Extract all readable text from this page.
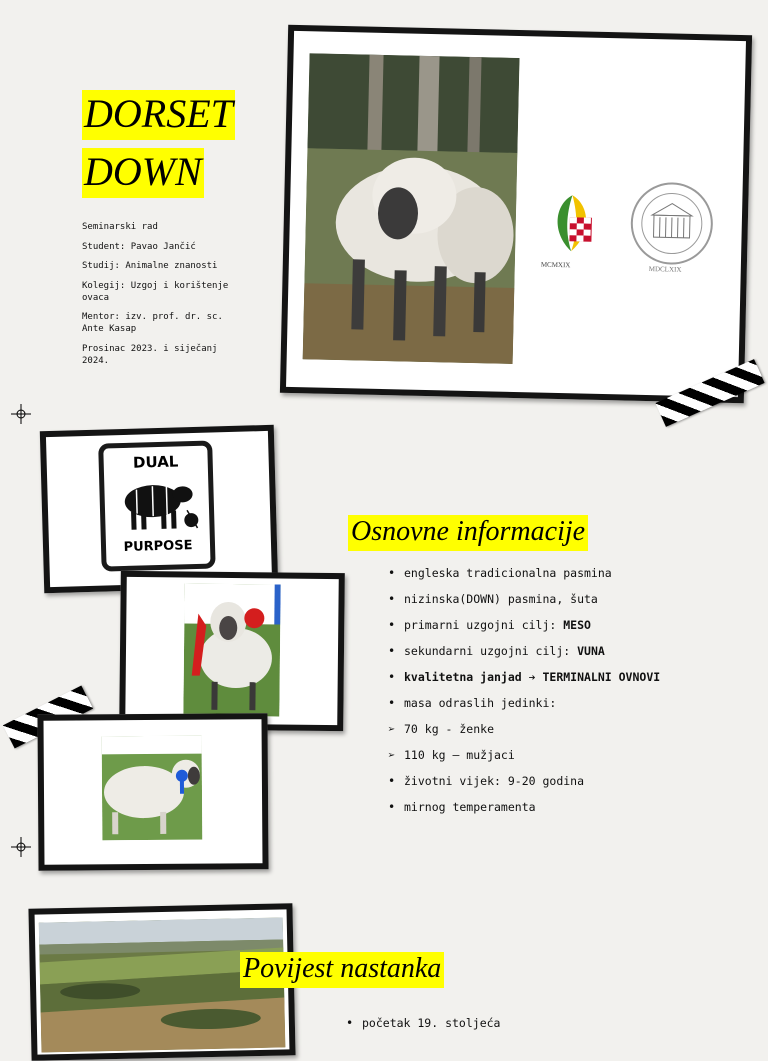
DORSET
DOWN
Seminarski rad
Student: Pavao Jančić
Studij: Animalne znanosti
Kolegij: Uzgoj i korištenje ovaca
Mentor: izv. prof. dr. sc. Ante Kasap
Prosinac 2023. i siječanj 2024.
MCMXIX
MDCLXIX
DUAL
PURPOSE	Osnovne informacije
• engleska tradicionalna pasmina
• nizinska(DOWN) pasmina, šuta
• primarni uzgojni cilj: MESO
• sekundarni uzgojni cilj: VUNA
• kvalitetna janjad ➔ TERMINALNI OVNOVI
• masa odraslih jedinki:
➢ 70 kg - ženke
➢ 110 kg – mužjaci
• životni vijek: 9-20 godina
• mirnog temperamenta
Povijest nastanka
• početak 19. stoljeća
